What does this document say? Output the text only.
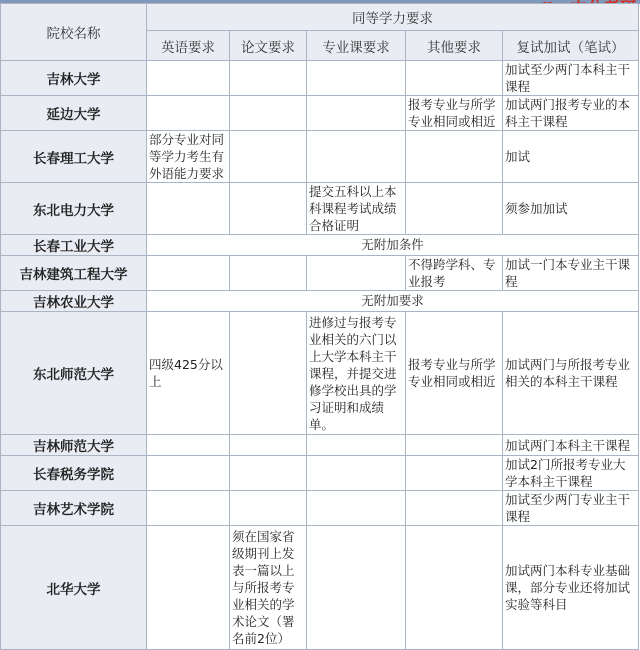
院校名称	同等学力要求				
	英语要求	论文要求	专业课要求	其他要求	复试加试（笔试）
吉林大学					加试至少两门本科主干课程
延边大学				报考专业与所学专业相同或相近	加试两门报考专业的本科主干课程
长春理工大学	部分专业对同等学力考生有外语能力要求				加试
东北电力大学			提交五科以上本科课程考试成绩合格证明		须参加加试
长春工业大学	无附加条件				
吉林建筑工程大学				不得跨学科、专业报考	加试一门本专业主干课程
吉林农业大学	无附加要求				
东北师范大学	四级425分以上		进修过与报考专业相关的六门以上大学本科主干课程，并提交进修学校出具的学习证明和成绩单。	报考专业与所学专业相同或相近	加试两门与所报考专业相关的本科主干课程
吉林师范大学					加试两门本科主干课程
长春税务学院					加试2门所报考专业大学本科主干课程
吉林艺术学院					加试至少两门专业主干课程
北华大学		须在国家省级期刊上发表一篇以上与所报考专业相关的学术论文（署名前2位）			加试两门本科专业基础课，部分专业还将加试实验等科目
